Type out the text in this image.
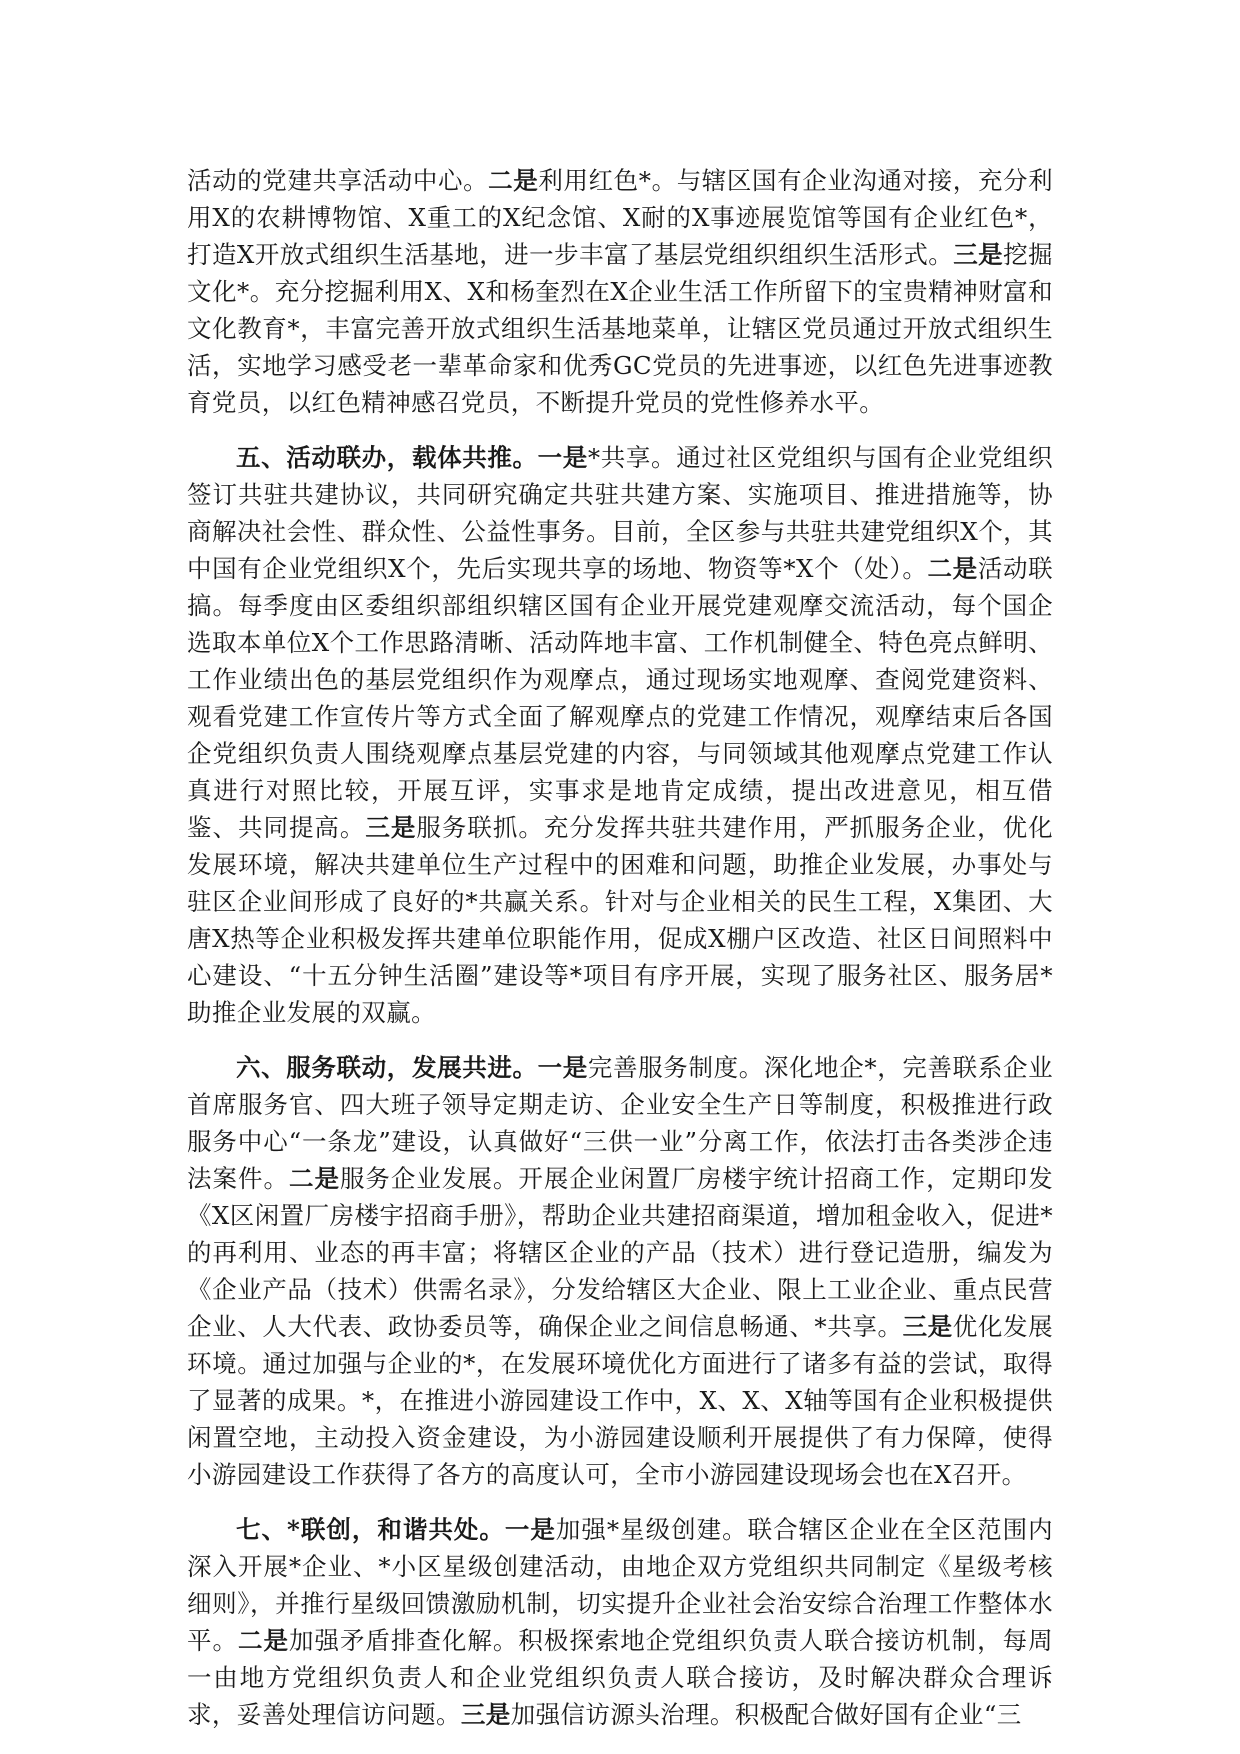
活动的党建共享活动中心。二是利用红色*。与辖区国有企业沟通对接，充分利用X的农耕博物馆、X重工的X纪念馆、X耐的X事迹展览馆等国有企业红色*，打造X开放式组织生活基地，进一步丰富了基层党组织组织生活形式。三是挖掘文化*。充分挖掘利用X、X和杨奎烈在X企业生活工作所留下的宝贵精神财富和文化教育*，丰富完善开放式组织生活基地菜单，让辖区党员通过开放式组织生活，实地学习感受老一辈革命家和优秀GC党员的先进事迹，以红色先进事迹教育党员，以红色精神感召党员，不断提升党员的党性修养水平。

五、活动联办，载体共推。一是*共享。通过社区党组织与国有企业党组织签订共驻共建协议，共同研究确定共驻共建方案、实施项目、推进措施等，协商解决社会性、群众性、公益性事务。目前，全区参与共驻共建党组织X个，其中国有企业党组织X个，先后实现共享的场地、物资等*X个（处）。二是活动联搞。每季度由区委组织部组织辖区国有企业开展党建观摩交流活动，每个国企选取本单位X个工作思路清晰、活动阵地丰富、工作机制健全、特色亮点鲜明、工作业绩出色的基层党组织作为观摩点，通过现场实地观摩、查阅党建资料、观看党建工作宣传片等方式全面了解观摩点的党建工作情况，观摩结束后各国企党组织负责人围绕观摩点基层党建的内容，与同领域其他观摩点党建工作认真进行对照比较，开展互评，实事求是地肯定成绩，提出改进意见，相互借鉴、共同提高。三是服务联抓。充分发挥共驻共建作用，严抓服务企业，优化发展环境，解决共建单位生产过程中的困难和问题，助推企业发展，办事处与驻区企业间形成了良好的*共赢关系。针对与企业相关的民生工程，X集团、大唐X热等企业积极发挥共建单位职能作用，促成X棚户区改造、社区日间照料中心建设、“十五分钟生活圈”建设等*项目有序开展，实现了服务社区、服务居*助推企业发展的双赢。

六、服务联动，发展共进。一是完善服务制度。深化地企*，完善联系企业首席服务官、四大班子领导定期走访、企业安全生产日等制度，积极推进行政服务中心“一条龙”建设，认真做好“三供一业”分离工作，依法打击各类涉企违法案件。二是服务企业发展。开展企业闲置厂房楼宇统计招商工作，定期印发《X区闲置厂房楼宇招商手册》，帮助企业共建招商渠道，增加租金收入，促进*的再利用、业态的再丰富；将辖区企业的产品（技术）进行登记造册，编发为《企业产品（技术）供需名录》，分发给辖区大企业、限上工业企业、重点民营企业、人大代表、政协委员等，确保企业之间信息畅通、*共享。三是优化发展环境。通过加强与企业的*，在发展环境优化方面进行了诸多有益的尝试，取得了显著的成果。*，在推进小游园建设工作中，X、X、X轴等国有企业积极提供闲置空地，主动投入资金建设，为小游园建设顺利开展提供了有力保障，使得小游园建设工作获得了各方的高度认可，全市小游园建设现场会也在X召开。

七、*联创，和谐共处。一是加强*星级创建。联合辖区企业在全区范围内深入开展*企业、*小区星级创建活动，由地企双方党组织共同制定《星级考核细则》，并推行星级回馈激励机制，切实提升企业社会治安综合治理工作整体水平。二是加强矛盾排查化解。积极探索地企党组织负责人联合接访机制，每周一由地方党组织负责人和企业党组织负责人联合接访，及时解决群众合理诉求，妥善处理信访问题。三是加强信访源头治理。积极配合做好国有企业“三
